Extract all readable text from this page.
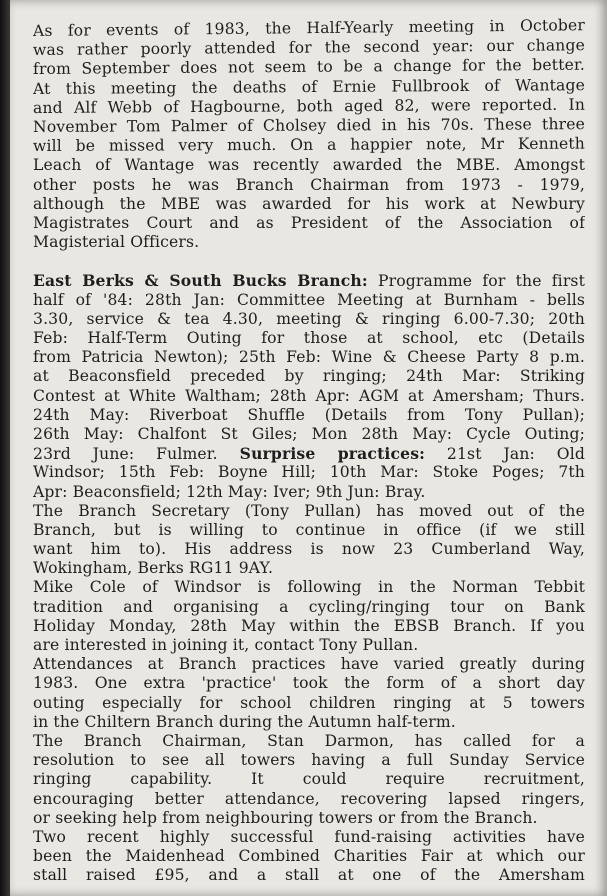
As for events of 1983, the Half-Yearly meeting in October
was rather poorly attended for the second year: our change
from September does not seem to be a change for the better.
At this meeting the deaths of Ernie Fullbrook of Wantage
and Alf Webb of Hagbourne, both aged 82, were reported. In
November Tom Palmer of Cholsey died in his 70s. These three
will be missed very much. On a happier note, Mr Kenneth
Leach of Wantage was recently awarded the MBE. Amongst
other posts he was Branch Chairman from 1973 - 1979,
although the MBE was awarded for his work at Newbury
Magistrates Court and as President of the Association of
Magisterial Officers.
East Berks & South Bucks Branch: Programme for the first
half of '84: 28th Jan: Committee Meeting at Burnham - bells
3.30, service & tea 4.30, meeting & ringing 6.00-7.30; 20th
Feb: Half-Term Outing for those at school, etc (Details
from Patricia Newton); 25th Feb: Wine & Cheese Party 8 p.m.
at Beaconsfield preceded by ringing; 24th Mar: Striking
Contest at White Waltham; 28th Apr: AGM at Amersham; Thurs.
24th May: Riverboat Shuffle (Details from Tony Pullan);
26th May: Chalfont St Giles; Mon 28th May: Cycle Outing;
23rd June: Fulmer. Surprise practices: 21st Jan: Old
Windsor; 15th Feb: Boyne Hill; 10th Mar: Stoke Poges; 7th
Apr: Beaconsfield; 12th May: Iver; 9th Jun: Bray.
The Branch Secretary (Tony Pullan) has moved out of the
Branch, but is willing to continue in office (if we still
want him to). His address is now 23 Cumberland Way,
Wokingham, Berks RG11 9AY.
Mike Cole of Windsor is following in the Norman Tebbit
tradition and organising a cycling/ringing tour on Bank
Holiday Monday, 28th May within the EBSB Branch. If you
are interested in joining it, contact Tony Pullan.
Attendances at Branch practices have varied greatly during
1983. One extra 'practice' took the form of a short day
outing especially for school children ringing at 5 towers
in the Chiltern Branch during the Autumn half-term.
The Branch Chairman, Stan Darmon, has called for a
resolution to see all towers having a full Sunday Service
ringing capability. It could require recruitment,
encouraging better attendance, recovering lapsed ringers,
or seeking help from neighbouring towers or from the Branch.
Two recent highly successful fund-raising activities have
been the Maidenhead Combined Charities Fair at which our
stall raised £95, and a stall at one of the Amersham
